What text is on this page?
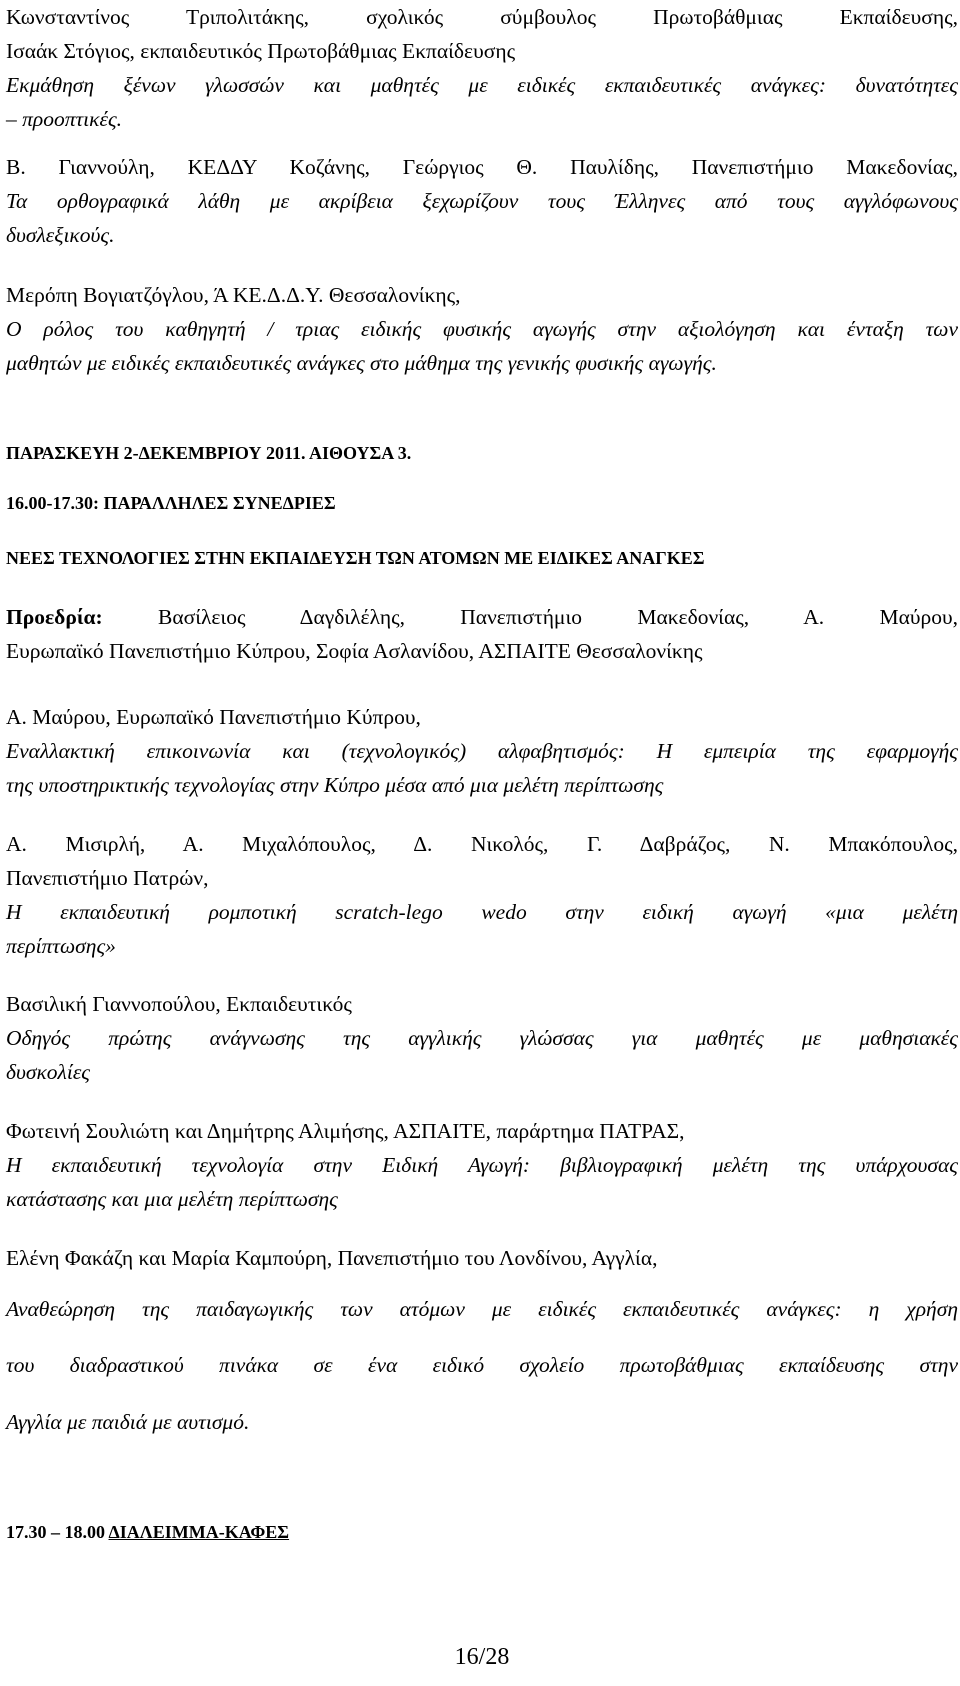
Κωνσταντίνος Τριπολιτάκης, σχολικός σύμβουλος Πρωτοβάθμιας Εκπαίδευσης,
Ισαάκ Στόγιος, εκπαιδευτικός Πρωτοβάθμιας Εκπαίδευσης
Εκμάθηση ξένων γλωσσών και μαθητές με ειδικές εκπαιδευτικές ανάγκες: δυνατότητες
– προοπτικές.
Β. Γιαννούλη, ΚΕΔΔΥ Κοζάνης, Γεώργιος Θ. Παυλίδης, Πανεπιστήμιο Μακεδονίας,
Τα ορθογραφικά λάθη με ακρίβεια ξεχωρίζουν τους Έλληνες από τους αγγλόφωνους
δυσλεξικούς.
Μερόπη Βογιατζόγλου, Ά ΚΕ.Δ.Δ.Υ. Θεσσαλονίκης,
Ο ρόλος του καθηγητή / τριας ειδικής φυσικής αγωγής στην αξιολόγηση και ένταξη των
μαθητών με ειδικές εκπαιδευτικές ανάγκες στο μάθημα της γενικής φυσικής αγωγής.
ΠΑΡΑΣΚΕΥΗ 2-ΔΕΚΕΜΒΡΙΟΥ 2011. ΑΙΘΟΥΣΑ 3.
16.00-17.30: ΠΑΡΑΛΛΗΛΕΣ ΣΥΝΕΔΡΙΕΣ
ΝΕΕΣ ΤΕΧΝΟΛΟΓΙΕΣ ΣΤΗΝ ΕΚΠΑΙΔΕΥΣΗ ΤΩΝ ΑΤΟΜΩΝ ΜΕ ΕΙΔΙΚΕΣ ΑΝΑΓΚΕΣ
Προεδρία:	Βασίλειος Δαγδιλέλης, Πανεπιστήμιο Μακεδονίας, Α. Μαύρου,
Ευρωπαϊκό Πανεπιστήμιο Κύπρου, Σοφία Ασλανίδου, ΑΣΠΑΙΤΕ Θεσσαλονίκης
Α. Μαύρου, Ευρωπαϊκό Πανεπιστήμιο Κύπρου,
Εναλλακτική επικοινωνία και (τεχνολογικός) αλφαβητισμός: Η εμπειρία της εφαρμογής
της υποστηρικτικής τεχνολογίας στην Κύπρο μέσα από μια μελέτη περίπτωσης
Α. Μισιρλή, Α. Μιχαλόπουλος, Δ. Νικολός, Γ. Δαβράζος, Ν. Μπακόπουλος,
Πανεπιστήμιο Πατρών,
Η εκπαιδευτική ρομποτική scratch-lego wedo στην ειδική αγωγή «μια μελέτη
περίπτωσης»
Βασιλική Γιαννοπούλου, Εκπαιδευτικός
Οδηγός πρώτης ανάγνωσης της αγγλικής γλώσσας για μαθητές με μαθησιακές
δυσκολίες
Φωτεινή Σουλιώτη και Δημήτρης Αλιμήσης, ΑΣΠΑΙΤΕ, παράρτημα ΠΑΤΡΑΣ,
Η εκπαιδευτική τεχνολογία στην Ειδική Αγωγή: βιβλιογραφική μελέτη της υπάρχουσας
κατάστασης και μια μελέτη περίπτωσης
Ελένη Φακάζη και Μαρία Καμπούρη, Πανεπιστήμιο του Λονδίνου, Αγγλία,
Αναθεώρηση της παιδαγωγικής των ατόμων με ειδικές εκπαιδευτικές ανάγκες: η χρήση
του διαδραστικού πινάκα σε ένα ειδικό σχολείο πρωτοβάθμιας εκπαίδευσης στην
Αγγλία με παιδιά με αυτισμό.
17.30 – 18.00 ΔΙΑΛΕΙΜΜΑ-ΚΑΦΕΣ
16/28
